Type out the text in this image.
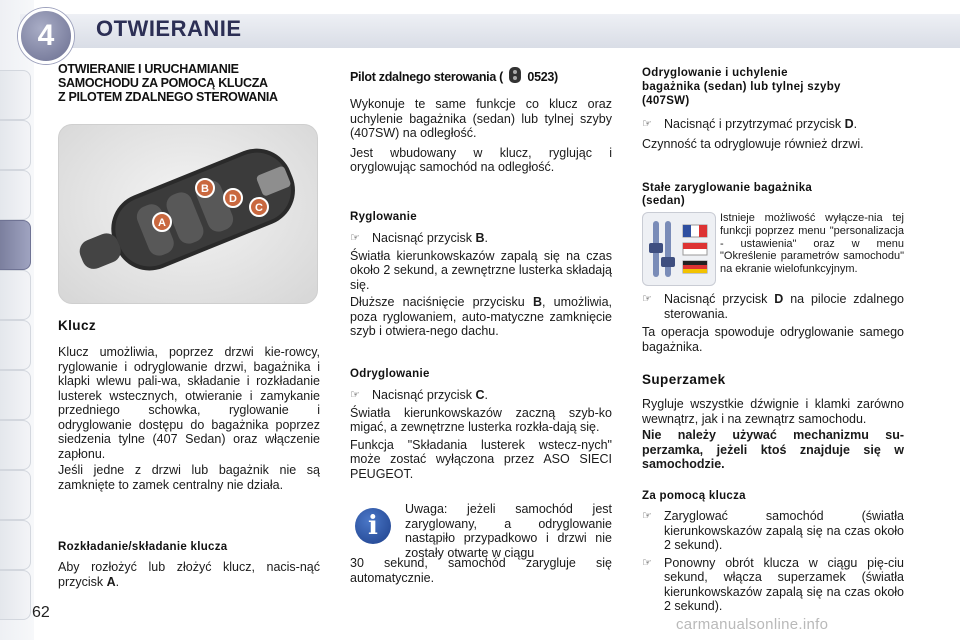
4	OTWIERANIE
OTWIERANIE I URUCHAMIANIE
SAMOCHODU ZA POMOCĄ KLUCZA
Z PILOTEM ZDALNEGO STEROWANIA
A
B
C
D
Klucz

Klucz umożliwia, poprzez drzwi kie-rowcy, ryglowanie i odryglowanie drzwi, bagażnika i klapki wlewu pali-wa, składanie i rozkładanie lusterek wstecznych, otwieranie i zamykanie przedniego schowka, ryglowanie i odryglowanie dostępu do bagażnika poprzez siedzenia tylne (407 Sedan) oraz włączenie zapłonu.

Jeśli jedne z drzwi lub bagażnik nie są zamknięte to zamek centralny nie działa.

Rozkładanie/składanie klucza

Aby rozłożyć lub złożyć klucz, nacis-nąć przycisk A.

Pilot zdalnego sterowania (  0523)

Wykonuje te same funkcje co klucz oraz uchylenie bagażnika (sedan) lub tylnej szyby (407SW) na odległość.

Jest wbudowany w klucz, ryglując i oryglowując samochód na odległość.

Ryglowanie
☞ Nacisnąć przycisk B.

Światła kierunkowskazów zapalą się na czas około 2 sekund, a zewnętrzne lusterka składają się.

Dłuższe naciśnięcie przycisku B, umożliwia, poza ryglowaniem, auto-matyczne zamknięcie szyb i otwiera-nego dachu.

Odryglowanie
☞ Nacisnąć przycisk C.

Światła kierunkowskazów zaczną szyb-ko migać, a zewnętrzne lusterka rozkła-dają się.

Funkcja "Składania lusterek wstecz-nych" może zostać wyłączona przez ASO SIECI PEUGEOT.

i

Uwaga: jeżeli samochód jest zaryglowany, a odryglowanie nastąpiło przypadkowo i drzwi nie zostały otwarte w ciągu

30 sekund, samochód zarygluje się automatycznie.

Odryglowanie i uchylenie
bagażnika (sedan) lub tylnej szyby
(407SW)
☞ Nacisnąć i przytrzymać przycisk D.

Czynność ta odryglowuje również drzwi.

Stałe zaryglowanie bagażnika
(sedan)

Istnieje możliwość wyłącze-nia tej funkcji poprzez menu "personalizacja - ustawienia" oraz w menu "Określenie parametrów samochodu" na ekranie wielofunkcyjnym.

☞ Nacisnąć przycisk D na pilocie zdalnego sterowania.

Ta operacja spowoduje odryglowanie samego bagażnika.

Superzamek

Rygluje wszystkie dźwignie i klamki zarówno wewnątrz, jak i na zewnątrz samochodu.

Nie należy używać mechanizmu su-perzamka, jeżeli ktoś znajduje się w samochodzie.

Za pomocą klucza
☞ Zaryglować samochód (światła kierunkowskazów zapalą się na czas około 2 sekund).
☞ Ponowny obrót klucza w ciągu pię-ciu sekund, włącza superzamek (światła kierunkowskazów zapalą się na czas około 2 sekund).
62
carmanualsonline.info
